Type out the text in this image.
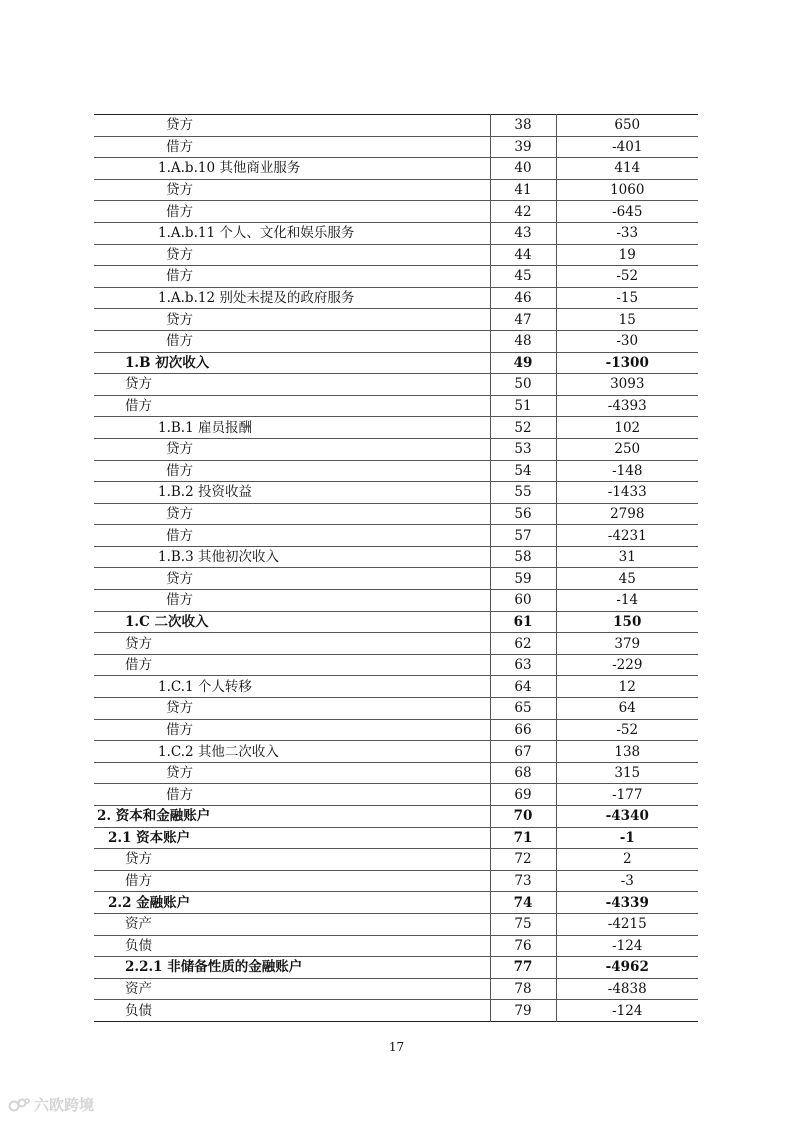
贷方	38	650
借方	39	-401
1.A.b.10 其他商业服务	40	414
贷方	41	1060
借方	42	-645
1.A.b.11 个人、文化和娱乐服务	43	-33
贷方	44	19
借方	45	-52
1.A.b.12 别处未提及的政府服务	46	-15
贷方	47	15
借方	48	-30
1.B 初次收入	49	-1300
贷方	50	3093
借方	51	-4393
1.B.1 雇员报酬	52	102
贷方	53	250
借方	54	-148
1.B.2 投资收益	55	-1433
贷方	56	2798
借方	57	-4231
1.B.3 其他初次收入	58	31
贷方	59	45
借方	60	-14
1.C 二次收入	61	150
贷方	62	379
借方	63	-229
1.C.1 个人转移	64	12
贷方	65	64
借方	66	-52
1.C.2 其他二次收入	67	138
贷方	68	315
借方	69	-177
2. 资本和金融账户	70	-4340
2.1 资本账户	71	-1
贷方	72	2
借方	73	-3
2.2 金融账户	74	-4339
资产	75	-4215
负债	76	-124
2.2.1 非储备性质的金融账户	77	-4962
资产	78	-4838
负债	79	-124
17
六欧跨境
